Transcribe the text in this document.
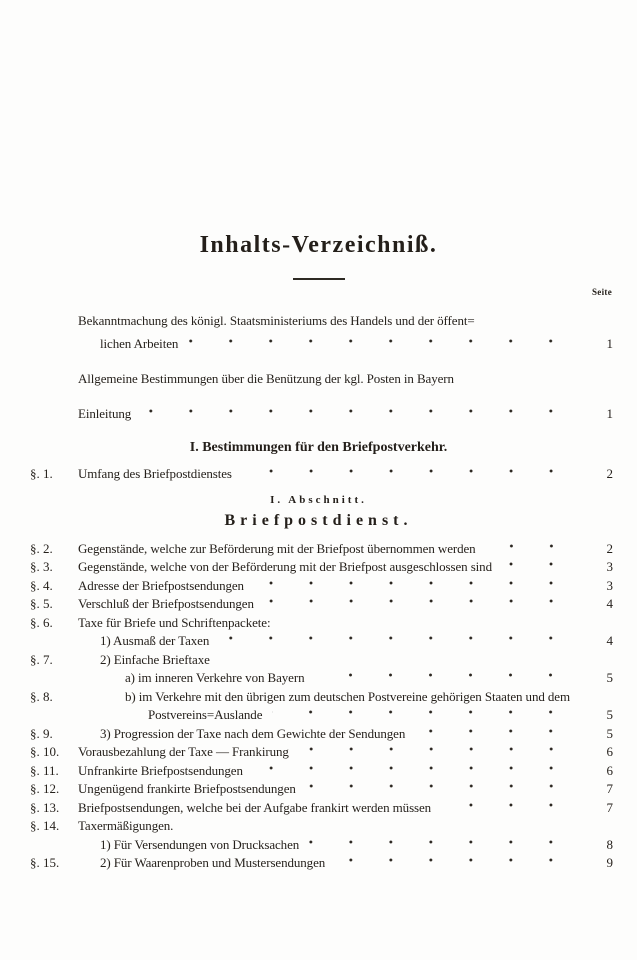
Inhalts-Verzeichniß.
Seite
Bekanntmachung des königl. Staatsministeriums des Handels und der öffent=
lichen Arbeiten	1
Allgemeine Bestimmungen über die Benützung der kgl. Posten in Bayern
Einleitung	1
I. Bestimmungen für den Briefpostverkehr.
§. 1.	Umfang des Briefpostdienstes	2
I. Abschnitt.
Briefpostdienst.
§. 2.	Gegenstände, welche zur Beförderung mit der Briefpost übernommen werden	2
§. 3.	Gegenstände, welche von der Beförderung mit der Briefpost ausgeschlossen sind	3
§. 4.	Adresse der Briefpostsendungen	3
§. 5.	Verschluß der Briefpostsendungen	4
§. 6.	Taxe für Briefe und Schriftenpackete:
1) Ausmaß der Taxen	4
§. 7.	2) Einfache Brieftaxe
a) im inneren Verkehre von Bayern	5
§. 8.	b) im Verkehre mit den übrigen zum deutschen Postvereine gehörigen Staaten und dem
Postvereins=Auslande	5
§. 9.	3) Progression der Taxe nach dem Gewichte der Sendungen	5
§. 10.	Vorausbezahlung der Taxe — Frankirung	6
§. 11.	Unfrankirte Briefpostsendungen	6
§. 12.	Ungenügend frankirte Briefpostsendungen	7
§. 13.	Briefpostsendungen, welche bei der Aufgabe frankirt werden müssen	7
§. 14.	Taxermäßigungen.
1) Für Versendungen von Drucksachen	8
§. 15.	2) Für Waarenproben und Mustersendungen	9
